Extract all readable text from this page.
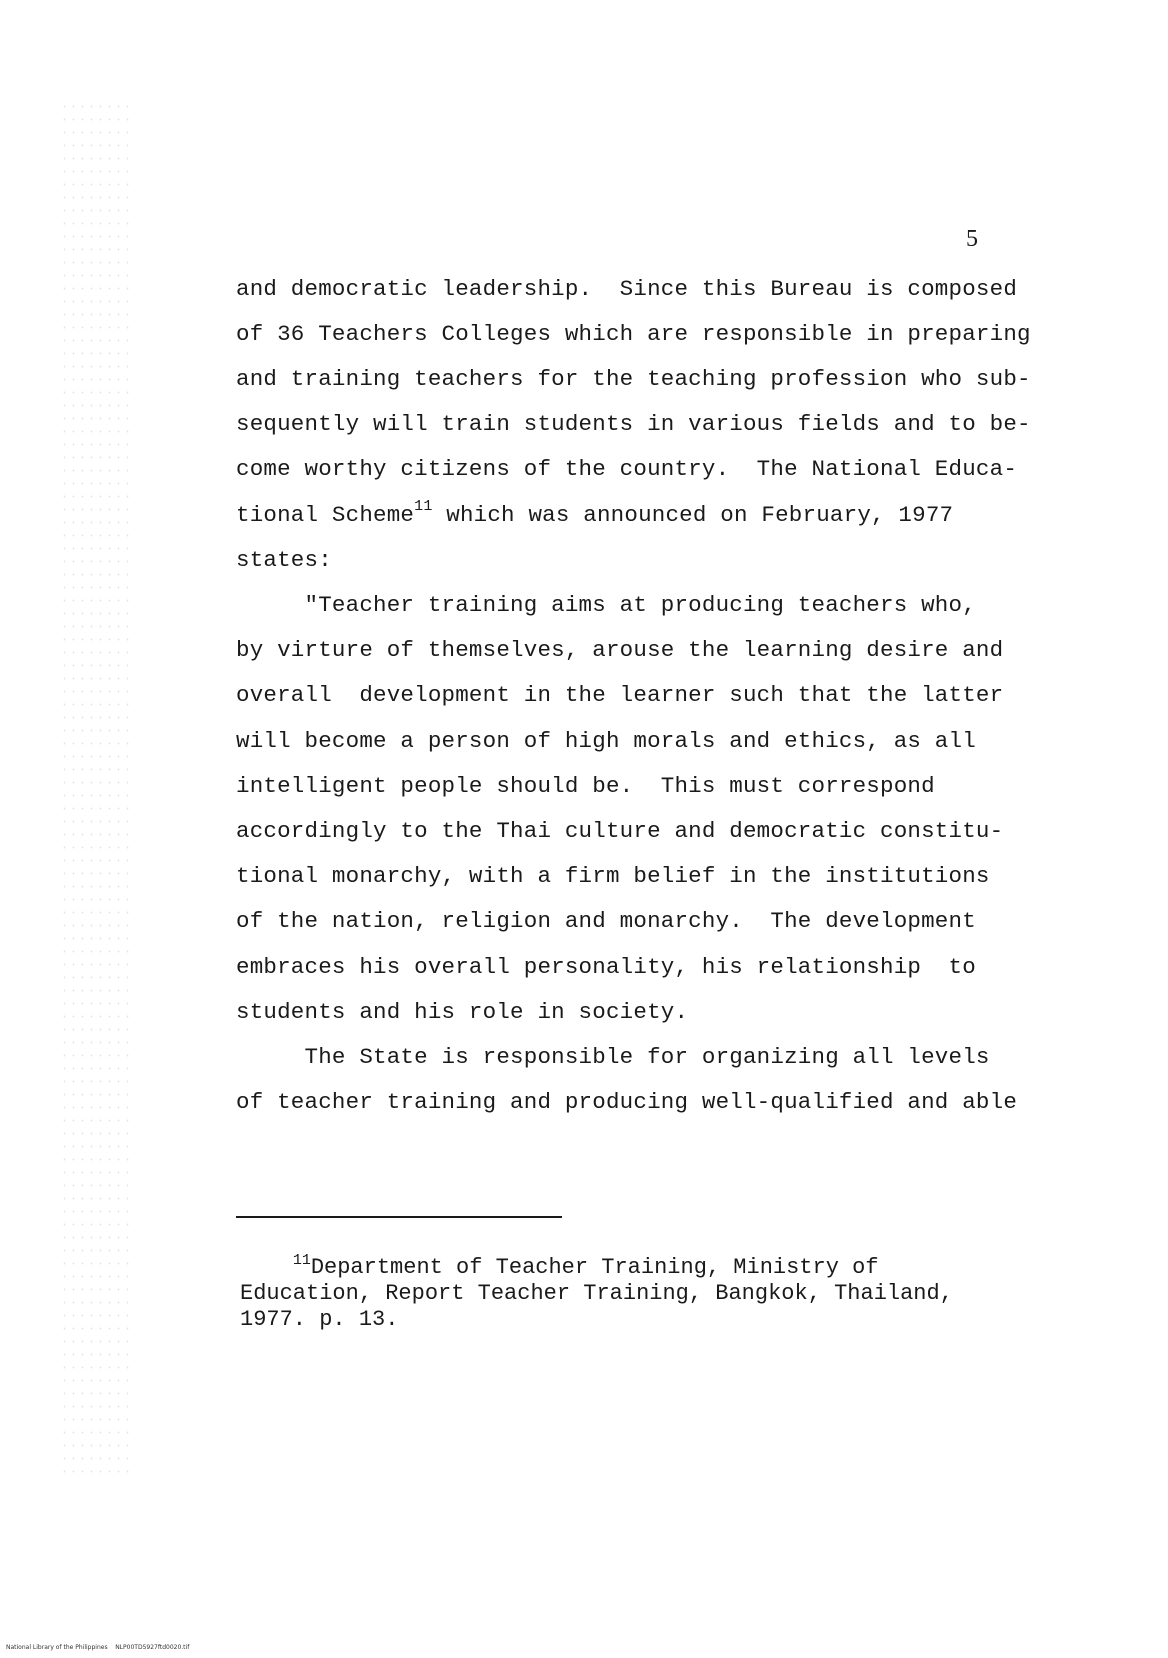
5
and democratic leadership.  Since this Bureau is composed
of 36 Teachers Colleges which are responsible in preparing
and training teachers for the teaching profession who sub-
sequently will train students in various fields and to be-
come worthy citizens of the country.  The National Educa-
tional Scheme$^{11}$ which was announced on February, 1977
states:
"Teacher training aims at producing teachers who,
by virture of themselves, arouse the learning desire and
overall  development in the learner such that the latter
will become a person of high morals and ethics, as all
intelligent people should be.  This must correspond
accordingly to the Thai culture and democratic constitu-
tional monarchy, with a firm belief in the institutions
of the nation, religion and monarchy.  The development
embraces his overall personality, his relationship  to
students and his role in society.
The State is responsible for organizing all levels
of teacher training and producing well-qualified and able
$^{11}$Department of Teacher Training, Ministry of
Education, Report Teacher Training, Bangkok, Thailand,
1977. p. 13.
National Library of the Philippines    NLP00TD5927ftd0020.tif
